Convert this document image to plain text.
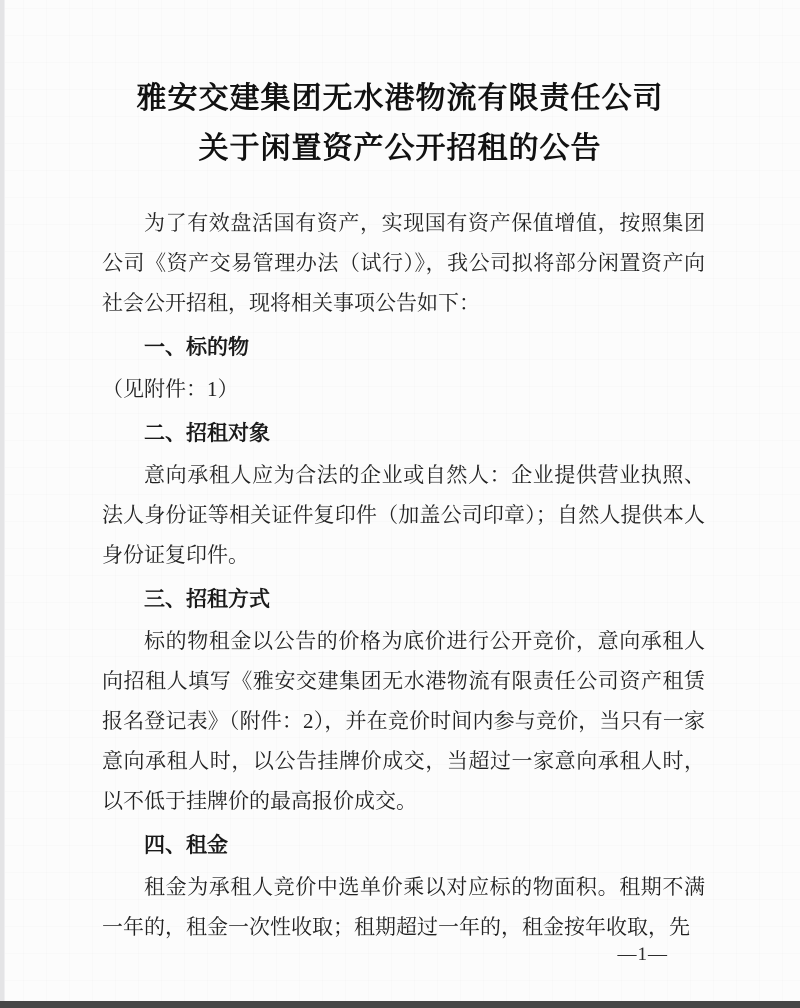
雅安交建集团无水港物流有限责任公司
关于闲置资产公开招租的公告

为了有效盘活国有资产，实现国有资产保值增值，按照集团公司《资产交易管理办法（试行）》，我公司拟将部分闲置资产向社会公开招租，现将相关事项公告如下：

一、标的物

（见附件：1）

二、招租对象

意向承租人应为合法的企业或自然人：企业提供营业执照、法人身份证等相关证件复印件（加盖公司印章）；自然人提供本人身份证复印件。

三、招租方式

标的物租金以公告的价格为底价进行公开竞价，意向承租人向招租人填写《雅安交建集团无水港物流有限责任公司资产租赁报名登记表》（附件：2），并在竞价时间内参与竞价，当只有一家意向承租人时，以公告挂牌价成交，当超过一家意向承租人时，以不低于挂牌价的最高报价成交。

四、租金

租金为承租人竞价中选单价乘以对应标的物面积。租期不满一年的，租金一次性收取；租期超过一年的，租金按年收取，先

—1—
